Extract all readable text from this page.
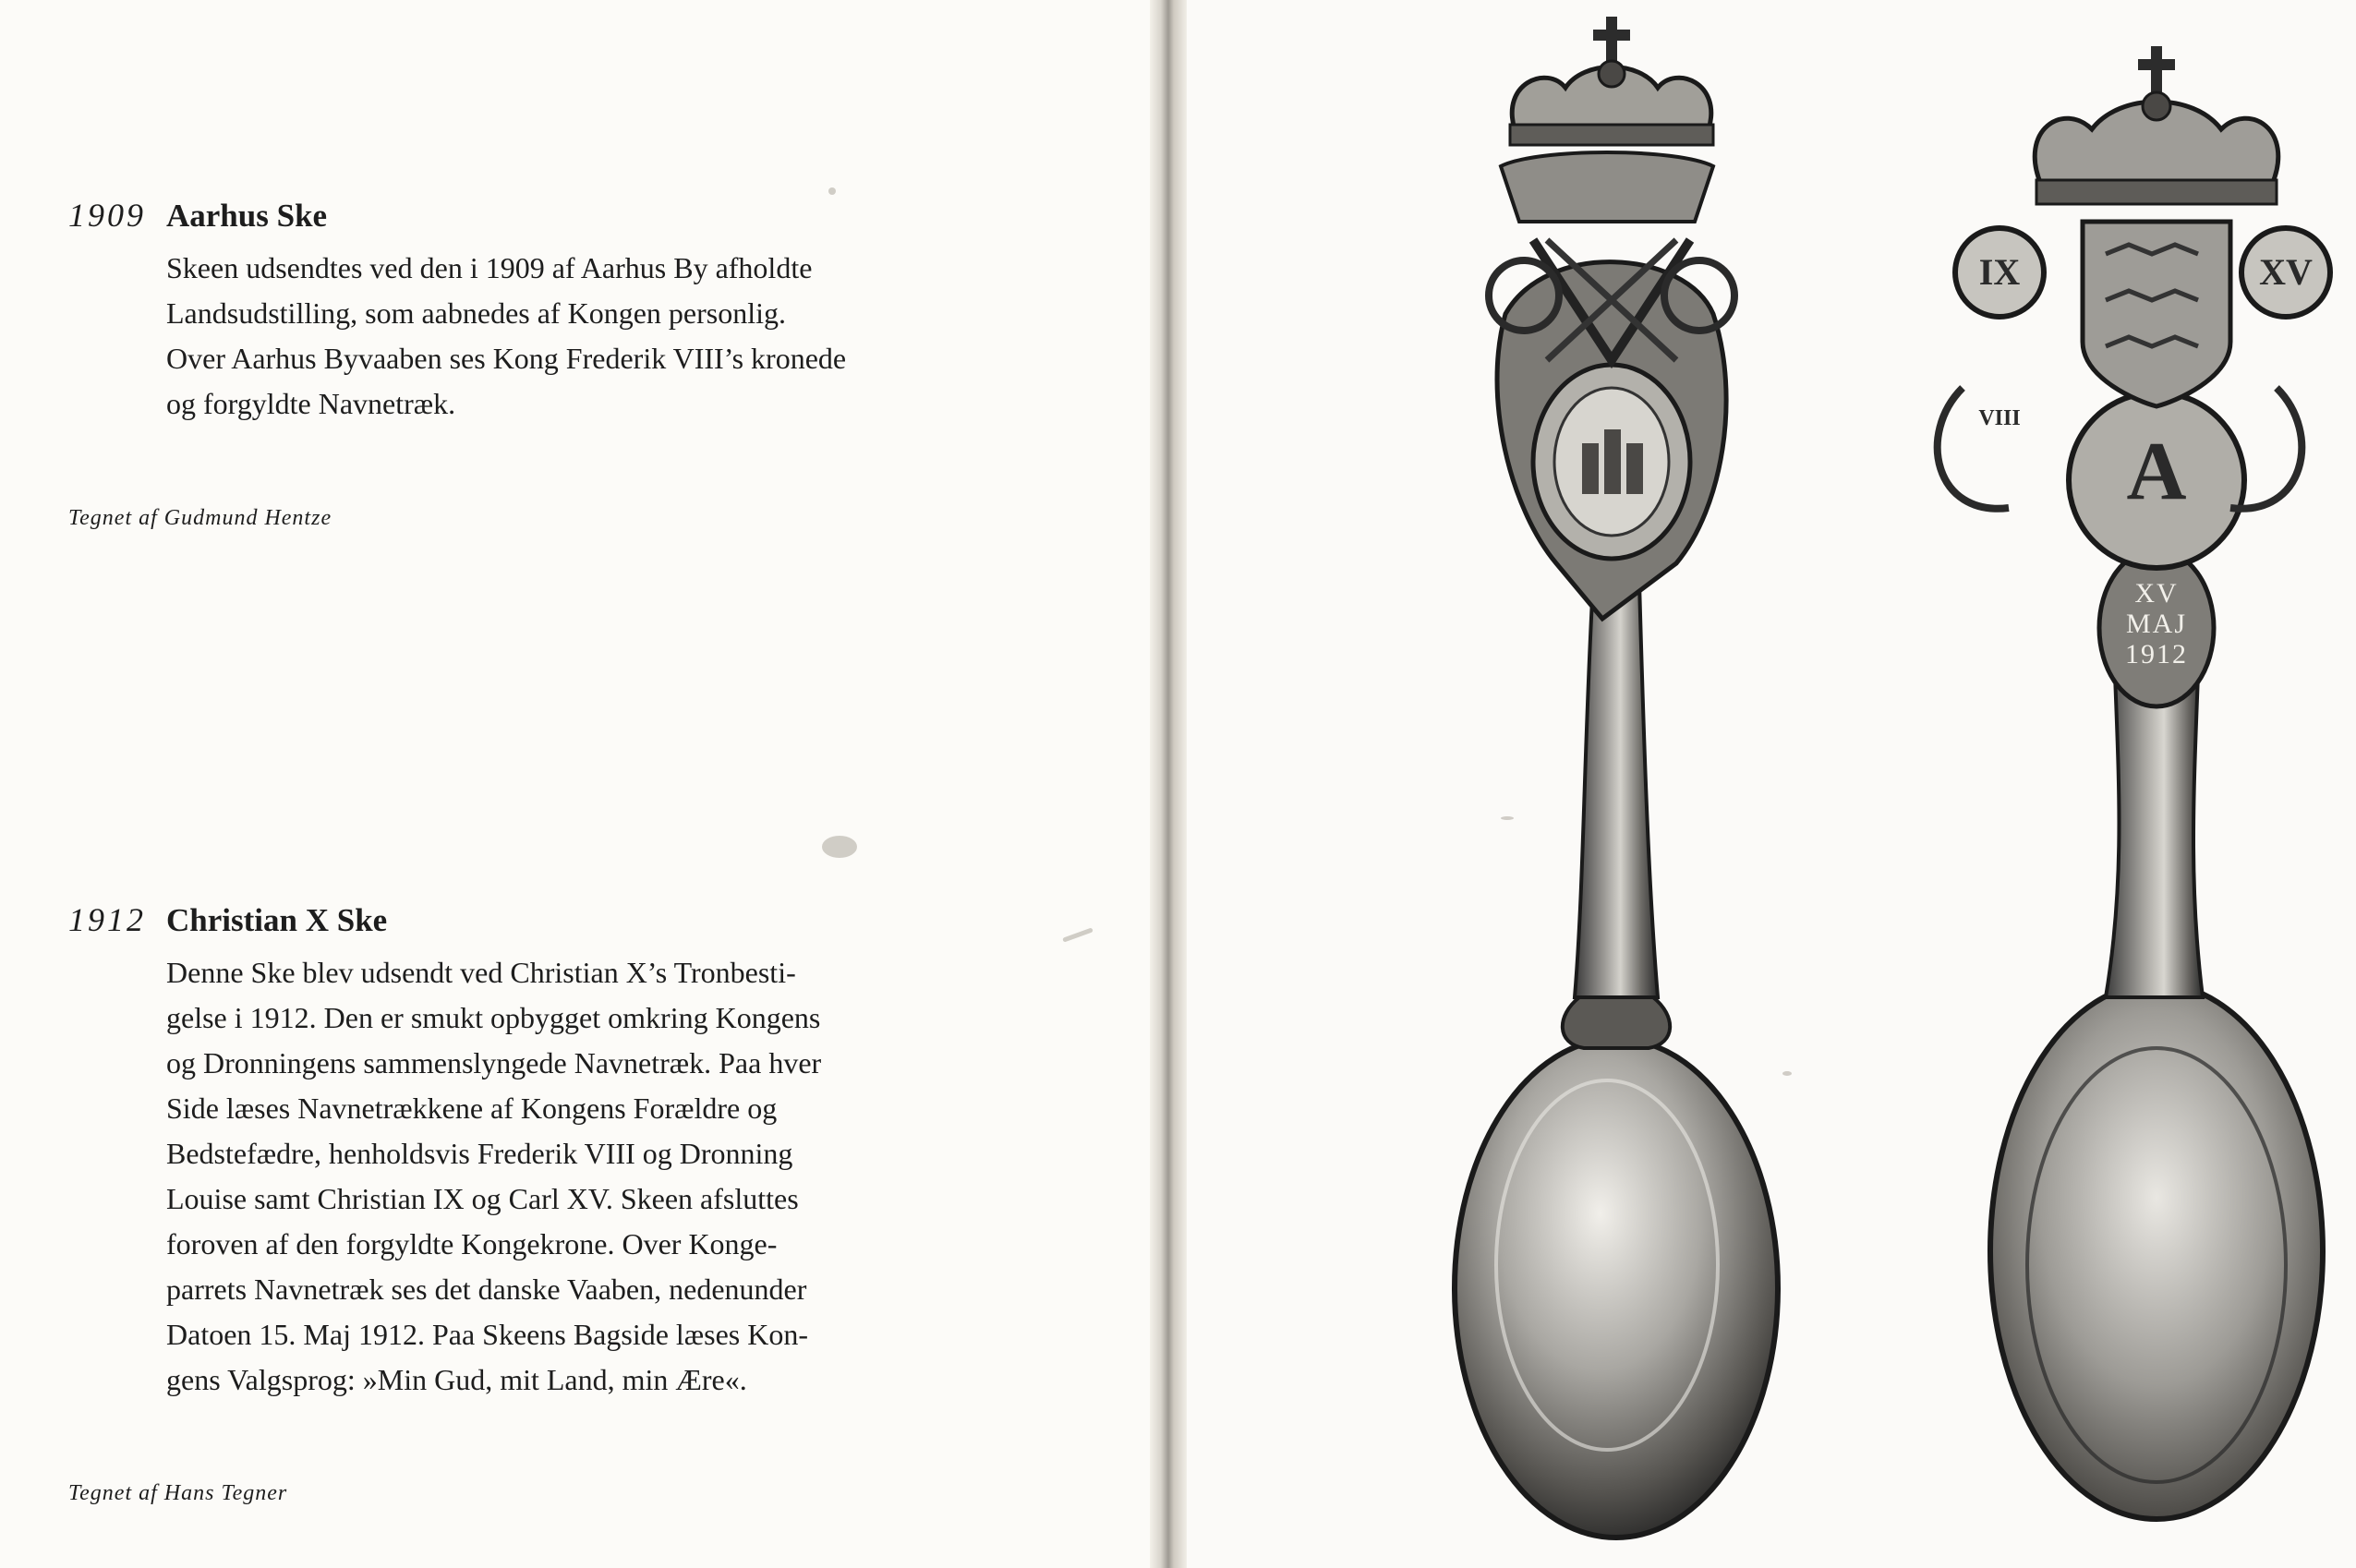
1909 Aarhus Ske

Skeen udsendtes ved den i 1909 af Aarhus By afholdte

Landsudstilling, som aabnedes af Kongen personlig.

Over Aarhus Byvaaben ses Kong Frederik VIII’s kronede

og forgyldte Navnetræk.

Tegnet af Gudmund Hentze
1912 Christian X Ske

Denne Ske blev udsendt ved Christian X’s Tronbesti-

gelse i 1912. Den er smukt opbygget omkring Kongens

og Dronningens sammenslyngede Navnetræk. Paa hver

Side læses Navnetrækkene af Kongens Forældre og

Bedstefædre, henholdsvis Frederik VIII og Dronning

Louise samt Christian IX og Carl XV. Skeen afsluttes

foroven af den forgyldte Kongekrone. Over Konge-

parrets Navnetræk ses det danske Vaaben, nedenunder

Datoen 15. Maj 1912. Paa Skeens Bagside læses Kon-

gens Valgsprog: »Min Gud, mit Land, min Ære«.

Tegnet af Hans Tegner
XV
MAJ
1912
A
VIII
IX	XV
